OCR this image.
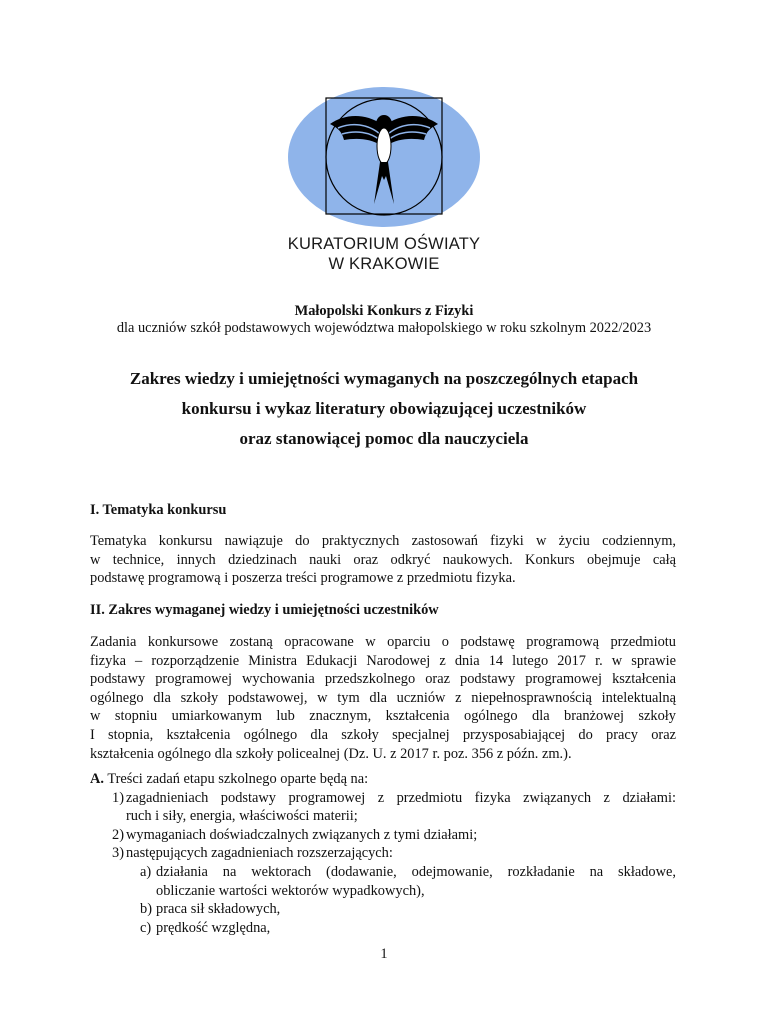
KURATORIUM OŚWIATY
W KRAKOWIE
Małopolski Konkurs z Fizyki
dla uczniów szkół podstawowych województwa małopolskiego w roku szkolnym 2022/2023
Zakres wiedzy i umiejętności wymaganych na poszczególnych etapach
konkursu i wykaz literatury obowiązującej uczestników
oraz stanowiącej pomoc dla nauczyciela
I. Tematyka konkursu
Tematyka konkursu nawiązuje do praktycznych zastosowań fizyki w życiu codziennym,
w technice, innych dziedzinach nauki oraz odkryć naukowych. Konkurs obejmuje całą
podstawę programową i poszerza treści programowe z przedmiotu fizyka.
II. Zakres wymaganej wiedzy i umiejętności uczestników
Zadania konkursowe zostaną opracowane w oparciu o podstawę programową przedmiotu
fizyka – rozporządzenie Ministra Edukacji Narodowej z dnia 14 lutego 2017 r. w sprawie
podstawy programowej wychowania przedszkolnego oraz podstawy programowej kształcenia
ogólnego dla szkoły podstawowej, w tym dla uczniów z niepełnosprawnością intelektualną
w stopniu umiarkowanym lub znacznym, kształcenia ogólnego dla branżowej szkoły
I stopnia, kształcenia ogólnego dla szkoły specjalnej przysposabiającej do pracy oraz
kształcenia ogólnego dla szkoły policealnej (Dz. U. z 2017 r. poz. 356 z późn. zm.).
A. Treści zadań etapu szkolnego oparte będą na:
1) zagadnieniach podstawy programowej z przedmiotu fizyka związanych z działami:
ruch i siły, energia, właściwości materii;
2) wymaganiach doświadczalnych związanych z tymi działami;
3) następujących zagadnieniach rozszerzających:
a) działania na wektorach (dodawanie, odejmowanie, rozkładanie na składowe,
obliczanie wartości wektorów wypadkowych),
b) praca sił składowych,
c) prędkość względna,
1
